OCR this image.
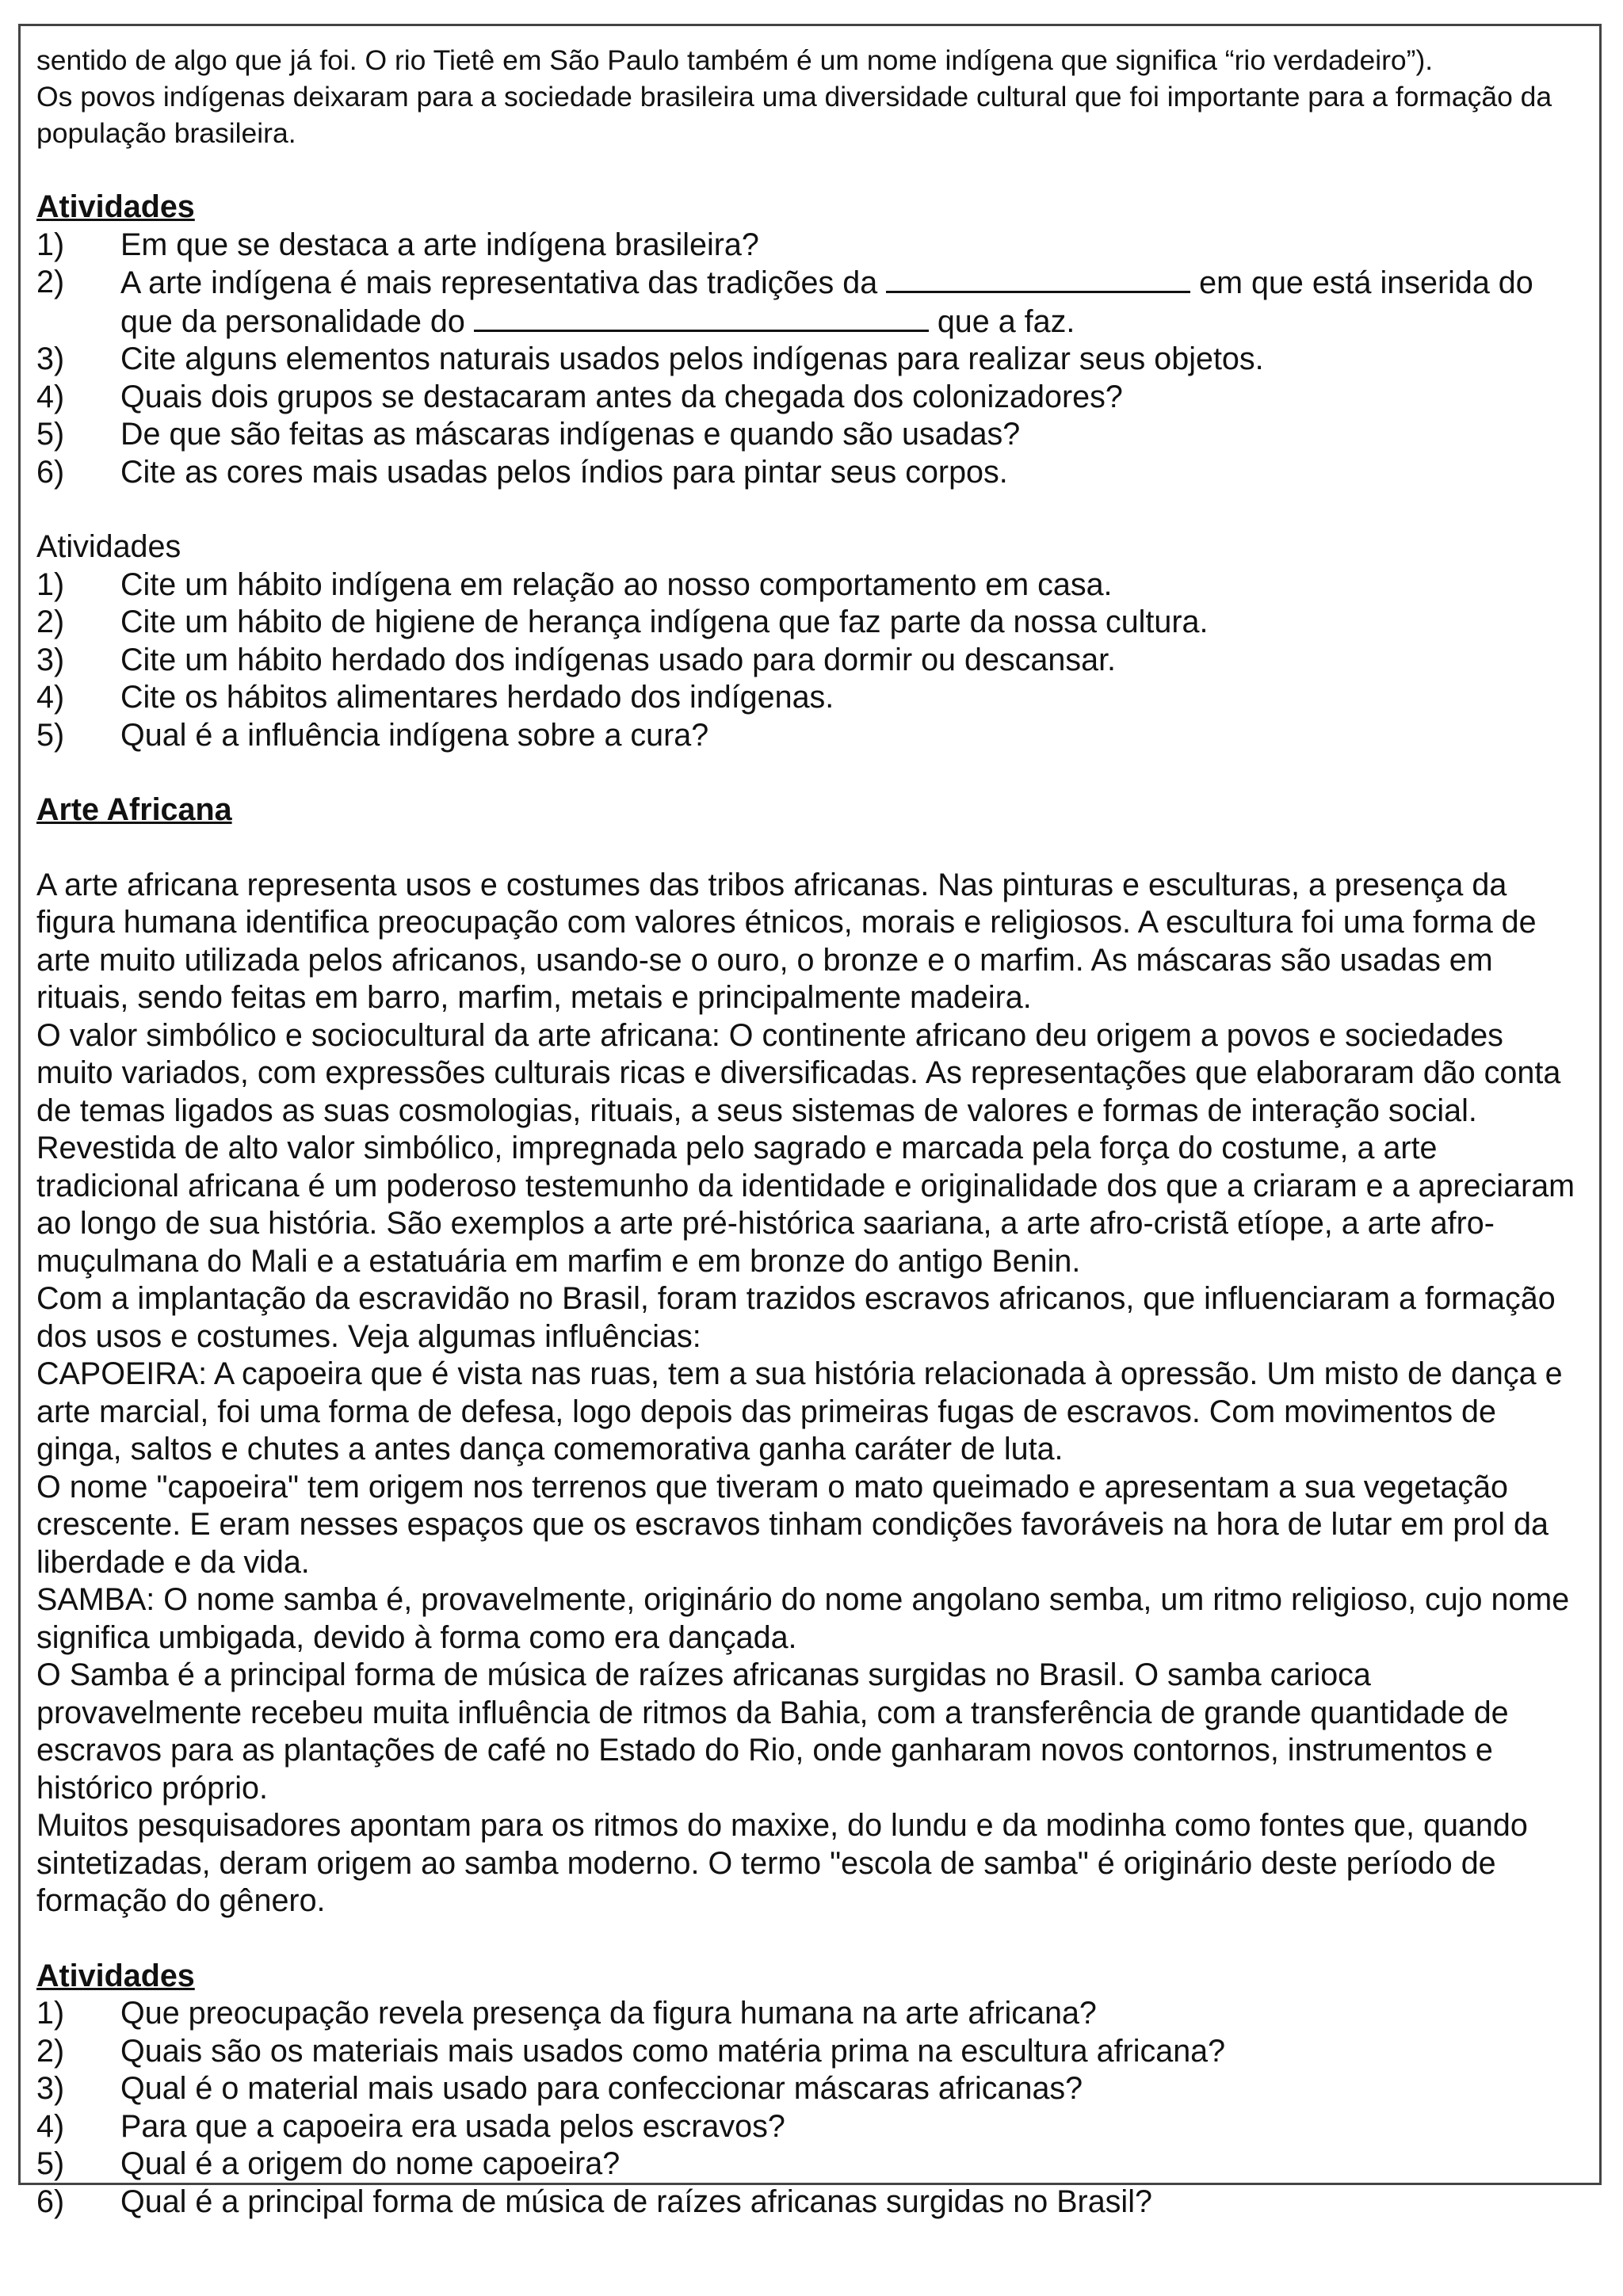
sentido de algo que já foi. O rio Tietê em São Paulo também é um nome indígena que significa “rio verdadeiro”).

Os povos indígenas deixaram para a sociedade brasileira uma diversidade cultural que foi importante para a formação da população brasileira.

Atividades

1) Em que se destaca a arte indígena brasileira?
2) A arte indígena é mais representativa das tradições da	em que está inserida do que da personalidade do	que a faz.
3) Cite alguns elementos naturais usados pelos indígenas para realizar seus objetos.
4) Quais dois grupos se destacaram antes da chegada dos colonizadores?
5) De que são feitas as máscaras indígenas e quando são usadas?
6) Cite as cores mais usadas pelos índios para pintar seus corpos.

Atividades

1) Cite um hábito indígena em relação ao nosso comportamento em casa.
2) Cite um hábito de higiene de herança indígena que faz parte da nossa cultura.
3) Cite um hábito herdado dos indígenas usado para dormir ou descansar.
4) Cite os hábitos alimentares herdado dos indígenas.
5) Qual é a influência indígena sobre a cura?

Arte Africana

A arte africana representa usos e costumes das tribos africanas. Nas pinturas e esculturas, a presença da figura humana identifica preocupação com valores étnicos, morais e religiosos. A escultura foi uma forma de arte muito utilizada pelos africanos, usando-se o ouro, o bronze e o marfim. As máscaras são usadas em rituais, sendo feitas em barro, marfim, metais e principalmente madeira.

O valor simbólico e sociocultural da arte africana: O continente africano deu origem a povos e sociedades muito variados, com expressões culturais ricas e diversificadas. As representações que elaboraram dão conta de temas ligados as suas cosmologias, rituais, a seus sistemas de valores e formas de interação social. Revestida de alto valor simbólico, impregnada pelo sagrado e marcada pela força do costume, a arte tradicional africana é um poderoso testemunho da identidade e originalidade dos que a criaram e a apreciaram ao longo de sua história. São exemplos a arte pré-histórica saariana, a arte afro-cristã etíope, a arte afro-muçulmana do Mali e a estatuária em marfim e em bronze do antigo Benin.

Com a implantação da escravidão no Brasil, foram trazidos escravos africanos, que influenciaram a formação dos usos e costumes. Veja algumas influências:

CAPOEIRA: A capoeira que é vista nas ruas, tem a sua história relacionada à opressão. Um misto de dança e arte marcial, foi uma forma de defesa, logo depois das primeiras fugas de escravos. Com movimentos de ginga, saltos e chutes a antes dança comemorativa ganha caráter de luta.

O nome "capoeira" tem origem nos terrenos que tiveram o mato queimado e apresentam a sua vegetação crescente. E eram nesses espaços que os escravos tinham condições favoráveis na hora de lutar em prol da liberdade e da vida.

SAMBA: O nome samba é, provavelmente, originário do nome angolano semba, um ritmo religioso, cujo nome significa umbigada, devido à forma como era dançada.

O Samba é a principal forma de música de raízes africanas surgidas no Brasil. O samba carioca provavelmente recebeu muita influência de ritmos da Bahia, com a transferência de grande quantidade de escravos para as plantações de café no Estado do Rio, onde ganharam novos contornos, instrumentos e histórico próprio.

Muitos pesquisadores apontam para os ritmos do maxixe, do lundu e da modinha como fontes que, quando sintetizadas, deram origem ao samba moderno. O termo "escola de samba" é originário deste período de formação do gênero.

Atividades

1) Que preocupação revela presença da figura humana na arte africana?
2) Quais são os materiais mais usados como matéria prima na escultura africana?
3) Qual é o material mais usado para confeccionar máscaras africanas?
4) Para que a capoeira era usada pelos escravos?
5) Qual é a origem do nome capoeira?
6) Qual é a principal forma de música de raízes africanas surgidas no Brasil?
